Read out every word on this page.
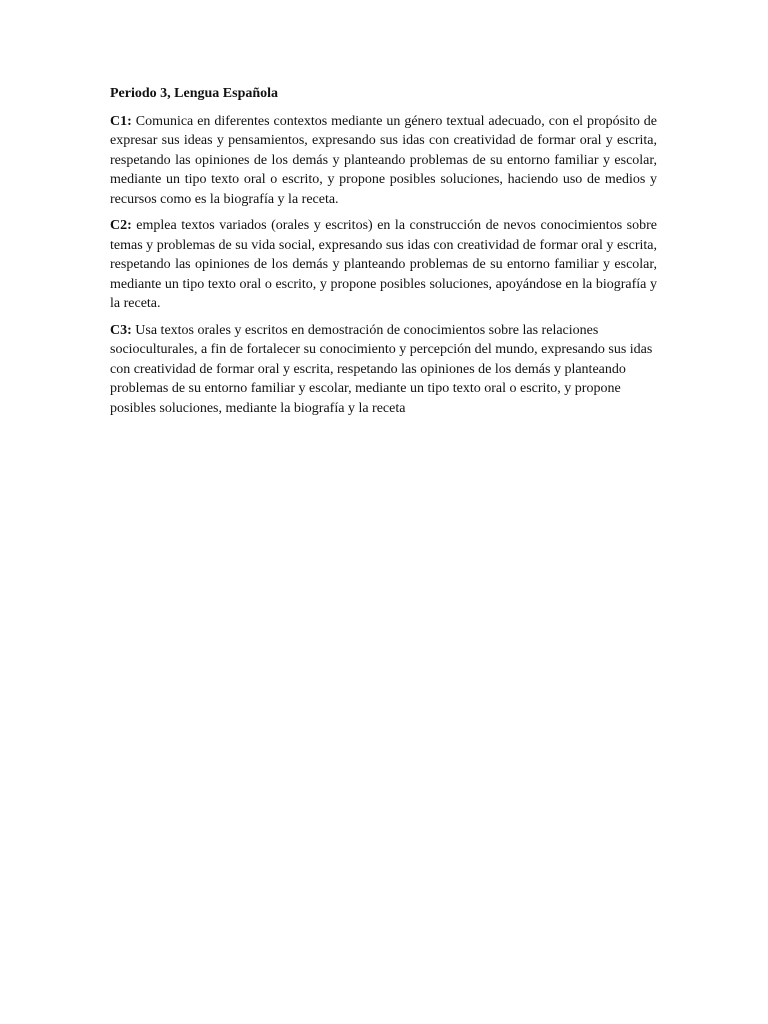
Periodo 3, Lengua Española

C1: Comunica en diferentes contextos mediante un género textual adecuado, con el propósito de expresar sus ideas y pensamientos, expresando sus idas con creatividad de formar oral y escrita, respetando las opiniones de los demás y planteando problemas de su entorno familiar y escolar, mediante un tipo texto oral o escrito, y propone posibles soluciones, haciendo uso de medios y recursos como es la biografía y la receta.

C2: emplea textos variados (orales y escritos) en la construcción de nevos conocimientos sobre temas y problemas de su vida social, expresando sus idas con creatividad de formar oral y escrita, respetando las opiniones de los demás y planteando problemas de su entorno familiar y escolar, mediante un tipo texto oral o escrito, y propone posibles soluciones, apoyándose en la biografía y la receta.

C3: Usa textos orales y escritos en demostración de conocimientos sobre las relaciones socioculturales, a fin de fortalecer su conocimiento y percepción del mundo, expresando sus idas con creatividad de formar oral y escrita, respetando las opiniones de los demás y planteando problemas de su entorno familiar y escolar, mediante un tipo texto oral o escrito, y propone posibles soluciones, mediante la biografía y la receta
